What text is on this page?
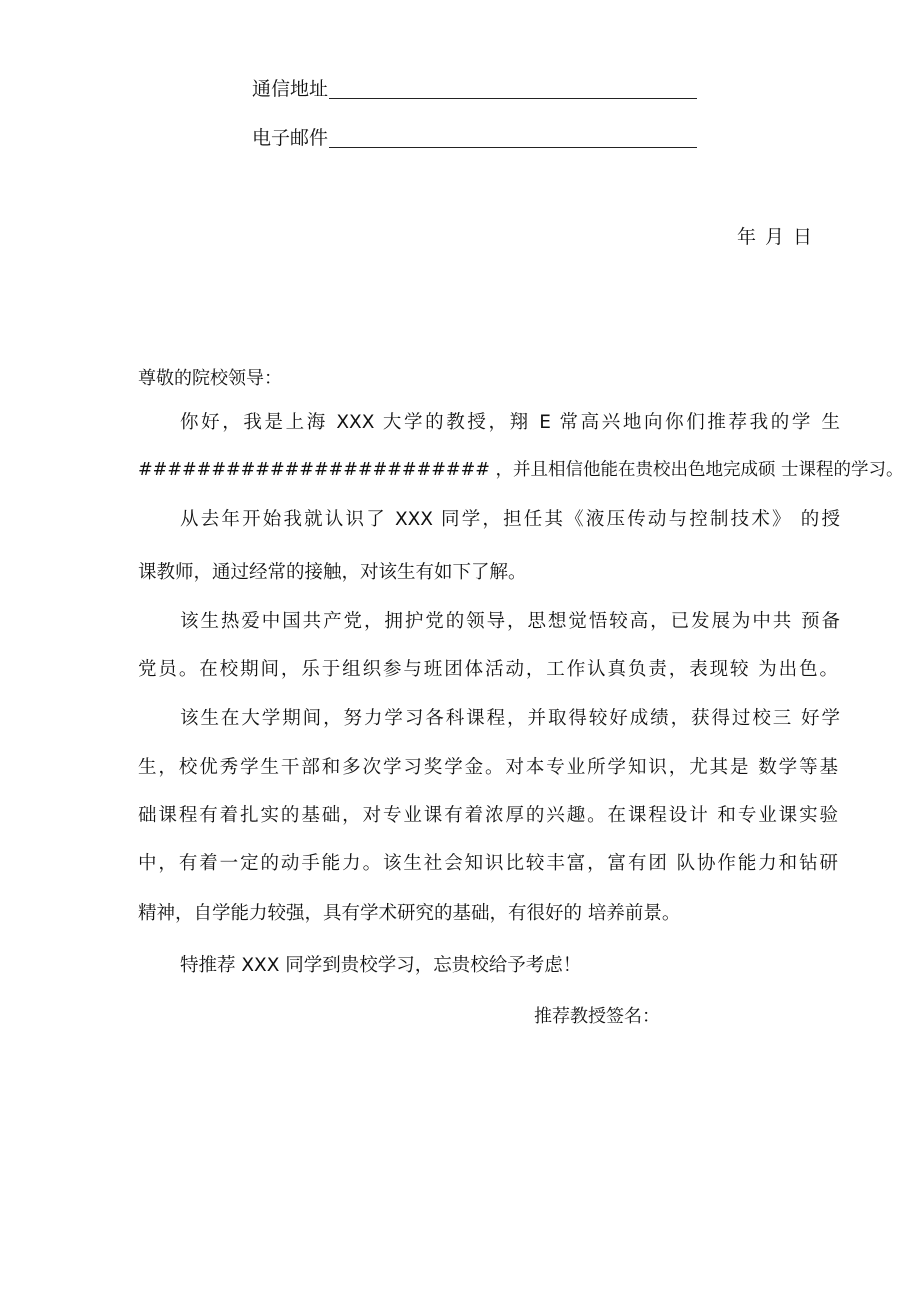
通信地址
电子邮件
年 月 日
尊敬的院校领导：
你好，我是上海 XXX 大学的教授，翔 E 常高兴地向你们推荐我的学 生
######################## ，并且相信他能在贵校出色地完成硕 士课程的学习。
从去年开始我就认识了 XXX 同学，担任其《液压传动与控制技术》 的授
课教师，通过经常的接触，对该生有如下了解。
该生热爱中国共产党，拥护党的领导，思想觉悟较高，已发展为中共 预备
党员。在校期间，乐于组织参与班团体活动，工作认真负责，表现较 为出色。
该生在大学期间，努力学习各科课程，并取得较好成绩，获得过校三 好学
生，校优秀学生干部和多次学习奖学金。对本专业所学知识，尤其是 数学等基
础课程有着扎实的基础，对专业课有着浓厚的兴趣。在课程设计 和专业课实验
中，有着一定的动手能力。该生社会知识比较丰富，富有团 队协作能力和钻研
精神，自学能力较强，具有学术研究的基础，有很好的 培养前景。
特推荐 XXX 同学到贵校学习，忘贵校给予考虑！
推荐教授签名：
